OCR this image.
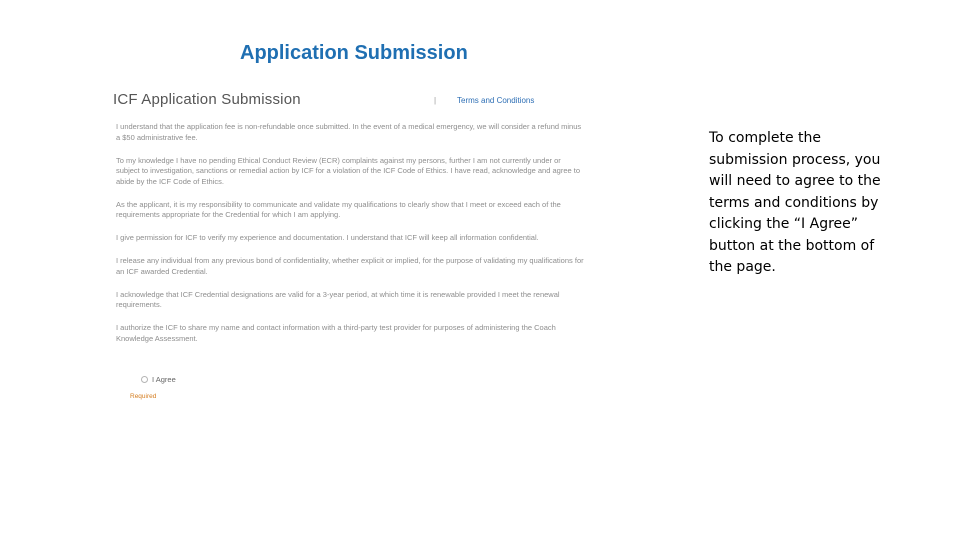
Application Submission
ICF Application Submission	|	Terms and Conditions
I understand that the application fee is non-refundable once submitted. In the event of a medical emergency, we will consider a refund minus a $50 administrative fee.
To my knowledge I have no pending Ethical Conduct Review (ECR) complaints against my persons, further I am not currently under or subject to investigation, sanctions or remedial action by ICF for a violation of the ICF Code of Ethics. I have read, acknowledge and agree to abide by the ICF Code of Ethics.
As the applicant, it is my responsibility to communicate and validate my qualifications to clearly show that I meet or exceed each of the requirements appropriate for the Credential for which I am applying.
I give permission for ICF to verify my experience and documentation. I understand that ICF will keep all information confidential.
I release any individual from any previous bond of confidentiality, whether explicit or implied, for the purpose of validating my qualifications for an ICF awarded Credential.
I acknowledge that ICF Credential designations are valid for a 3-year period, at which time it is renewable provided I meet the renewal requirements.
I authorize the ICF to share my name and contact information with a third-party test provider for purposes of administering the Coach Knowledge Assessment.
I Agree
Required

To complete the submission process, you will need to agree to the terms and conditions by clicking the “I Agree” button at the bottom of the page.
